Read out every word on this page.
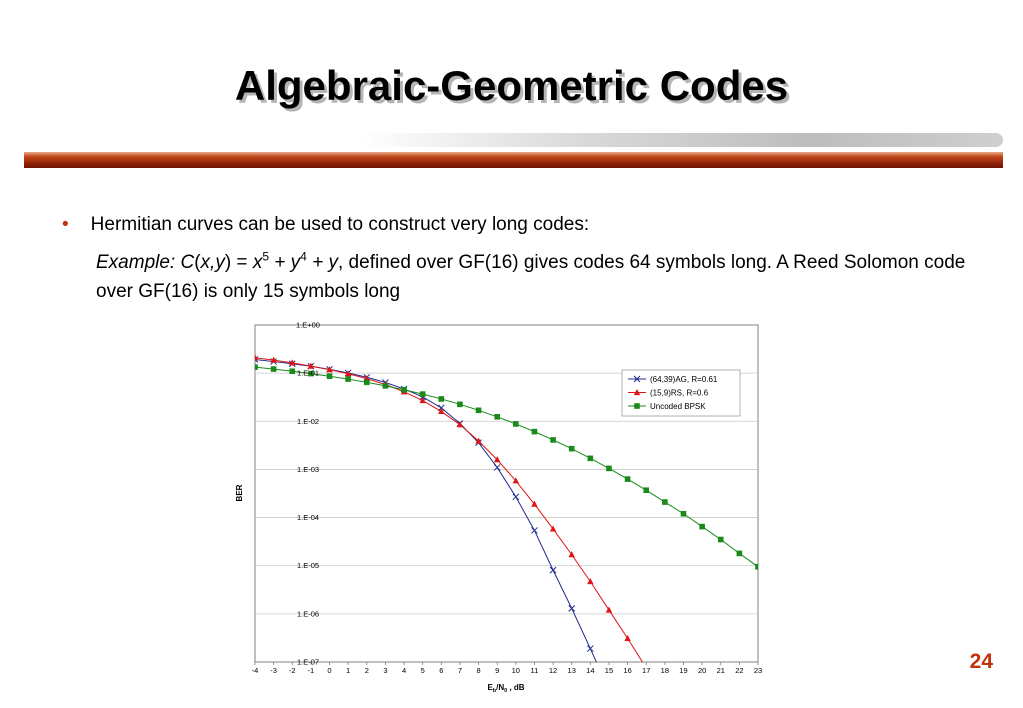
Algebraic-Geometric Codes
• Hermitian curves can be used to construct very long codes:
Example: $C(x,y) = x^5 + y^4 + y$, defined over GF(16) gives codes 64 symbols long. A Reed Solomon code over GF(16) is only 15 symbols long
1.E+00
1.E-01
1.E-02
1.E-03
1.E-04
1.E-05
1.E-06
1.E-07
-4 -3 -2 -1 0 1 2 3 4 5 6 7 8 9 10 11 12 13 14 15 16 17 18 19 20 21 22 23
$E_b/N_0$ , dB
BER
(64,39)AG, R=0.61
(15,9)RS, R=0.6
Uncoded BPSK
24
